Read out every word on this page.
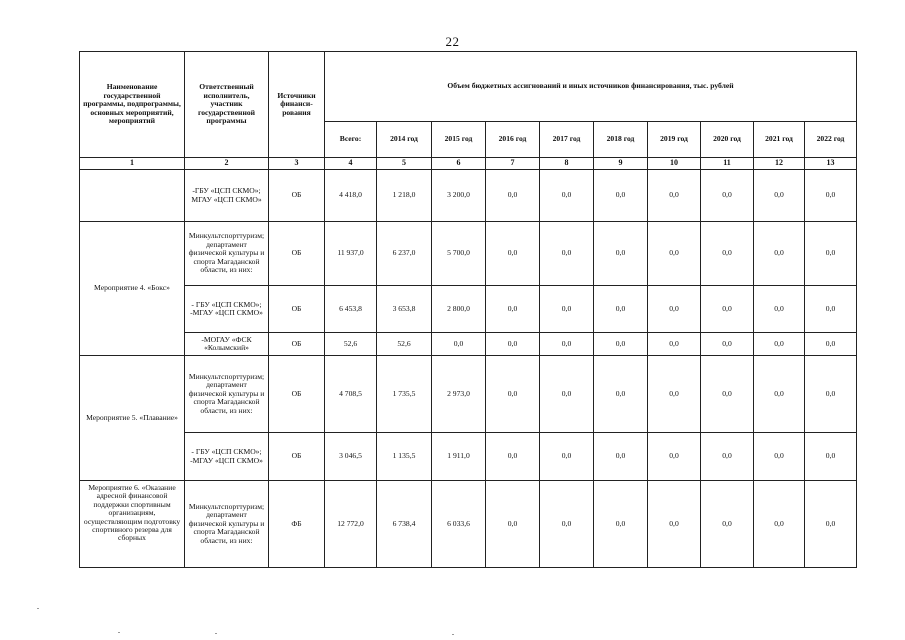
22
Наименование государственной программы, подпрограммы, основных мероприятий, мероприятий	Ответственный исполнитель, участник государственной программы	Источники финанси-рования	Объем бюджетных ассигнований и иных источников финансирования, тыс. рублей									
			Всего:	2014 год	2015 год	2016 год	2017 год	2018 год	2019 год	2020 год	2021 год	2022 год
1	2	3	4	5	6	7	8	9	10	11	12	13
	-ГБУ «ЦСП СКМО»; МГАУ «ЦСП СКМО»	ОБ	4 418,0	1 218,0	3 200,0	0,0	0,0	0,0	0,0	0,0	0,0	0,0
Мероприятие 4. «Бокс»	Минкультспорттуризм; департамент физической культуры и спорта Магаданской области, из них:	ОБ	11 937,0	6 237,0	5 700,0	0,0	0,0	0,0	0,0	0,0	0,0	0,0
	- ГБУ «ЦСП СКМО»; -МГАУ «ЦСП СКМО»	ОБ	6 453,8	3 653,8	2 800,0	0,0	0,0	0,0	0,0	0,0	0,0	0,0
	-МОГАУ «ФСК «Колымский»	ОБ	52,6	52,6	0,0	0,0	0,0	0,0	0,0	0,0	0,0	0,0
Мероприятие 5. «Плавание»	Минкультспорттуризм; департамент физической культуры и спорта Магаданской области, из них:	ОБ	4 708,5	1 735,5	2 973,0	0,0	0,0	0,0	0,0	0,0	0,0	0,0
	- ГБУ «ЦСП СКМО»; -МГАУ «ЦСП СКМО»	ОБ	3 046,5	1 135,5	1 911,0	0,0	0,0	0,0	0,0	0,0	0,0	0,0
Мероприятие 6. «Оказание адресной финансовой поддержки спортивным организациям, осуществляющим подготовку спортивного резерва для сборных	Минкультспорттуризм; департамент физической культуры и спорта Магаданской области, из них:	ФБ	12 772,0	6 738,4	6 033,6	0,0	0,0	0,0	0,0	0,0	0,0	0,0
